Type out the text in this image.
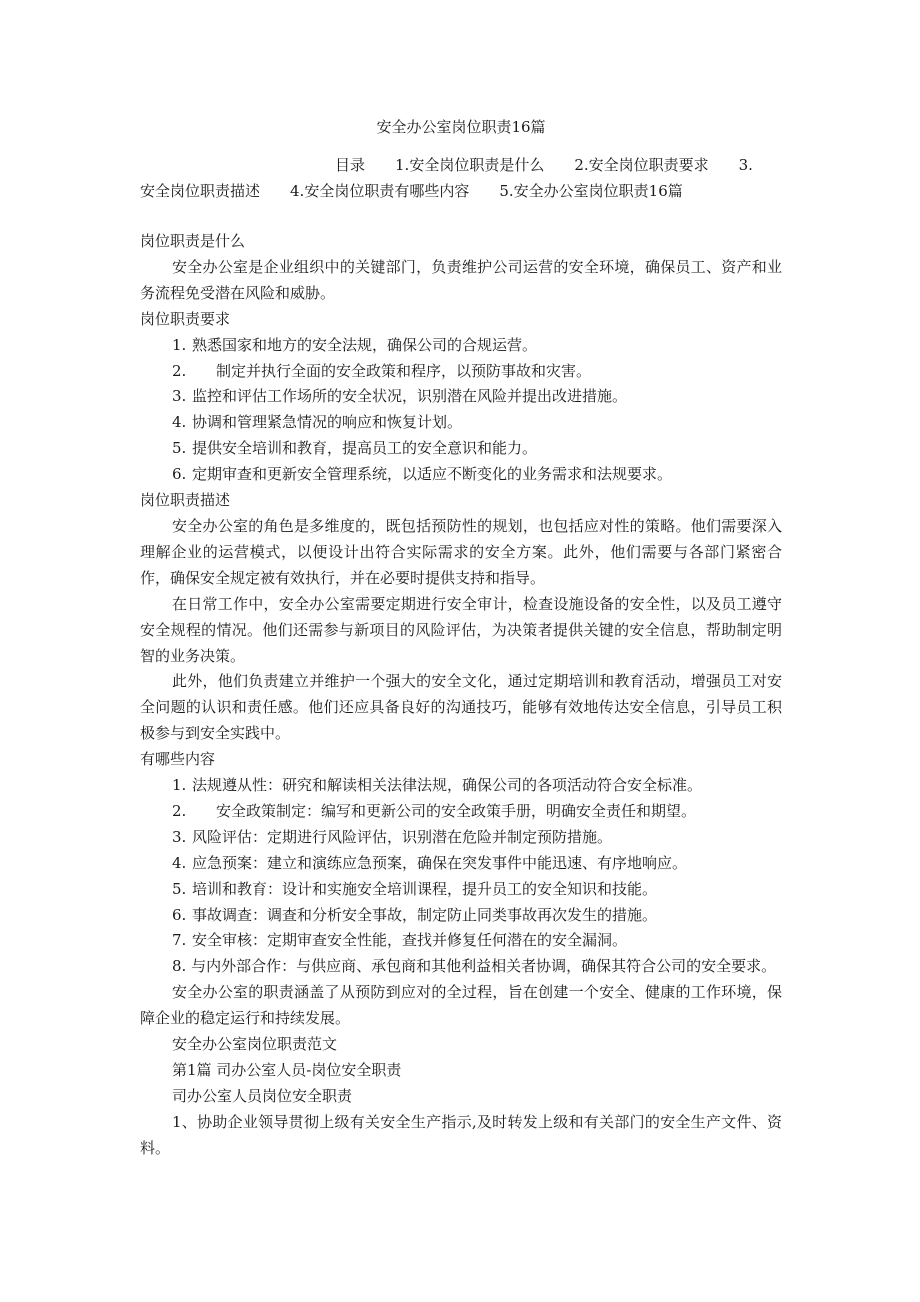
安全办公室岗位职责16篇
目录 1.安全岗位职责是什么 2.安全岗位职责要求 3.
安全岗位职责描述 4.安全岗位职责有哪些内容 5.安全办公室岗位职责16篇

岗位职责是什么

安全办公室是企业组织中的关键部门，负责维护公司运营的安全环境，确保员工、资产和业务流程免受潜在风险和威胁。

岗位职责要求

1. 熟悉国家和地方的安全法规，确保公司的合规运营。

2. 制定并执行全面的安全政策和程序，以预防事故和灾害。

3. 监控和评估工作场所的安全状况，识别潜在风险并提出改进措施。

4. 协调和管理紧急情况的响应和恢复计划。

5. 提供安全培训和教育，提高员工的安全意识和能力。

6. 定期审查和更新安全管理系统，以适应不断变化的业务需求和法规要求。

岗位职责描述

安全办公室的角色是多维度的，既包括预防性的规划，也包括应对性的策略。他们需要深入理解企业的运营模式，以便设计出符合实际需求的安全方案。此外，他们需要与各部门紧密合作，确保安全规定被有效执行，并在必要时提供支持和指导。

在日常工作中，安全办公室需要定期进行安全审计，检查设施设备的安全性，以及员工遵守安全规程的情况。他们还需参与新项目的风险评估，为决策者提供关键的安全信息，帮助制定明智的业务决策。

此外，他们负责建立并维护一个强大的安全文化，通过定期培训和教育活动，增强员工对安全问题的认识和责任感。他们还应具备良好的沟通技巧，能够有效地传达安全信息，引导员工积极参与到安全实践中。

有哪些内容

1. 法规遵从性：研究和解读相关法律法规，确保公司的各项活动符合安全标准。

2. 安全政策制定：编写和更新公司的安全政策手册，明确安全责任和期望。

3. 风险评估：定期进行风险评估，识别潜在危险并制定预防措施。

4. 应急预案：建立和演练应急预案，确保在突发事件中能迅速、有序地响应。

5. 培训和教育：设计和实施安全培训课程，提升员工的安全知识和技能。

6. 事故调查：调查和分析安全事故，制定防止同类事故再次发生的措施。

7. 安全审核：定期审查安全性能，查找并修复任何潜在的安全漏洞。

8. 与内外部合作：与供应商、承包商和其他利益相关者协调，确保其符合公司的安全要求。

安全办公室的职责涵盖了从预防到应对的全过程，旨在创建一个安全、健康的工作环境，保障企业的稳定运行和持续发展。

安全办公室岗位职责范文

第1篇 司办公室人员-岗位安全职责

司办公室人员岗位安全职责

1、协助企业领导贯彻上级有关安全生产指示,及时转发上级和有关部门的安全生产文件、资料。
